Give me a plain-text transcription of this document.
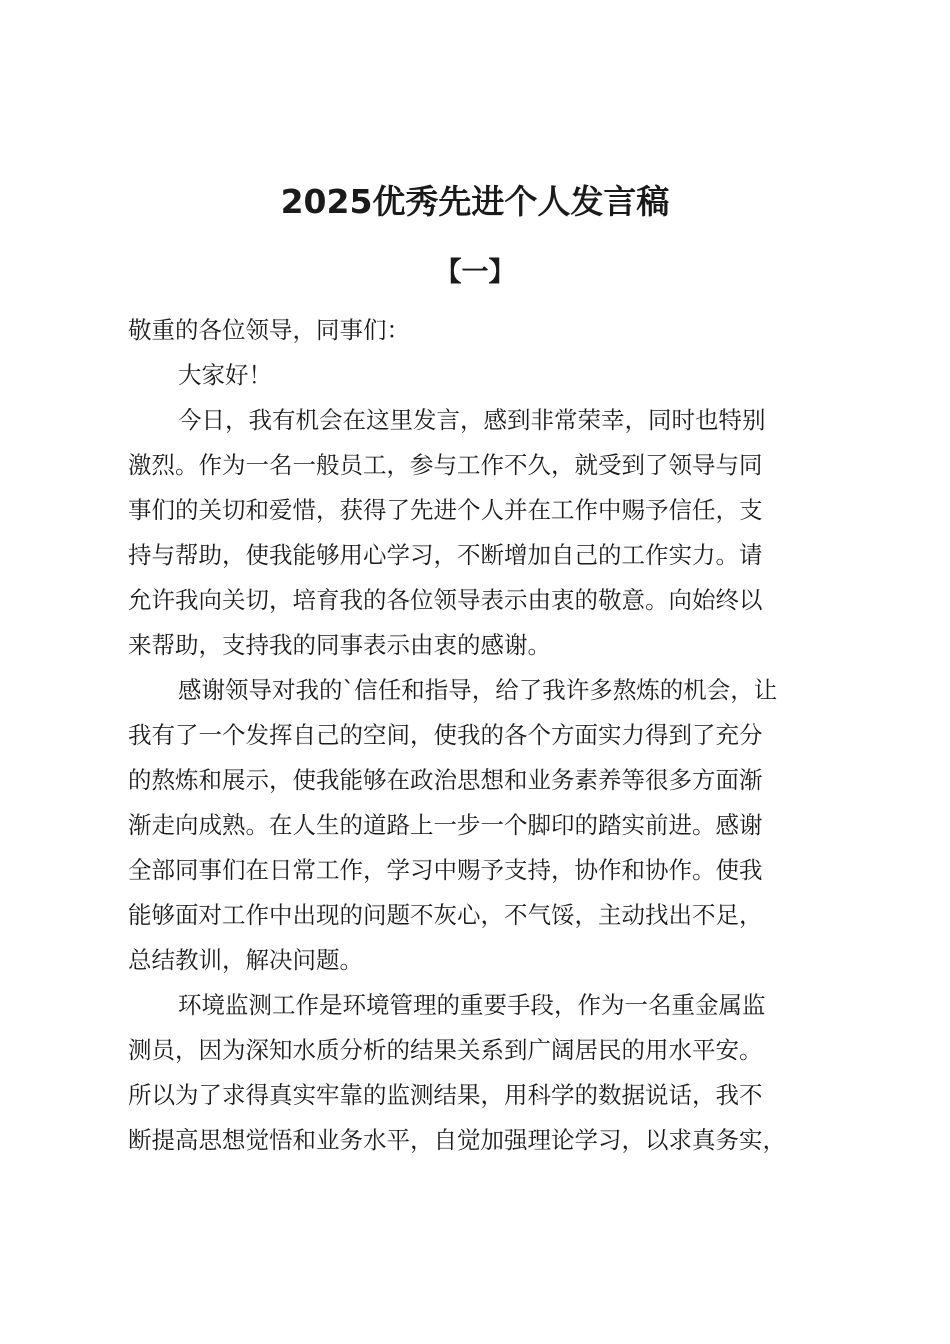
2025优秀先进个人发言稿
【一】

敬重的各位领导，同事们：

大家好！

今日，我有机会在这里发言，感到非常荣幸，同时也特别

激烈。作为一名一般员工，参与工作不久，就受到了领导与同

事们的关切和爱惜，获得了先进个人并在工作中赐予信任，支

持与帮助，使我能够用心学习，不断增加自己的工作实力。请

允许我向关切，培育我的各位领导表示由衷的敬意。向始终以

来帮助，支持我的同事表示由衷的感谢。

感谢领导对我的`信任和指导，给了我许多熬炼的机会，让

我有了一个发挥自己的空间，使我的各个方面实力得到了充分

的熬炼和展示，使我能够在政治思想和业务素养等很多方面渐

渐走向成熟。在人生的道路上一步一个脚印的踏实前进。感谢

全部同事们在日常工作，学习中赐予支持，协作和协作。使我

能够面对工作中出现的问题不灰心，不气馁，主动找出不足，

总结教训，解决问题。

环境监测工作是环境管理的重要手段，作为一名重金属监

测员，因为深知水质分析的结果关系到广阔居民的用水平安。

所以为了求得真实牢靠的监测结果，用科学的数据说话，我不

断提高思想觉悟和业务水平，自觉加强理论学习，以求真务实，
